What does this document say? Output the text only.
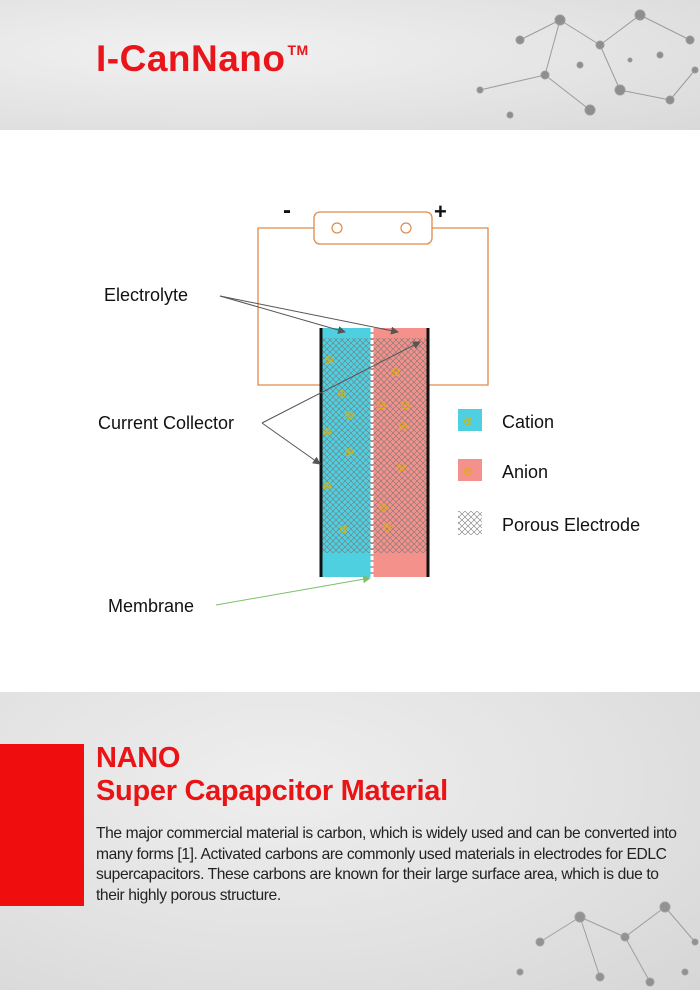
I-CanNano ™
-	+
⊕
⊕
⊕
⊕
⊕
⊕
⊕
⊖
⊖ ⊖
⊖
⊖
⊖
⊖
Electrolyte
Current Collector
Membrane
⊕ Cation
⊖ Anion
Porous Electrode
NANO
Super Capapcitor Material
The major commercial material is carbon, which is widely used and can be converted into many forms [1]. Activated carbons are commonly used materials in electrodes for EDLC supercapacitors. These carbons are known for their large surface area, which is due to their highly porous structure.
